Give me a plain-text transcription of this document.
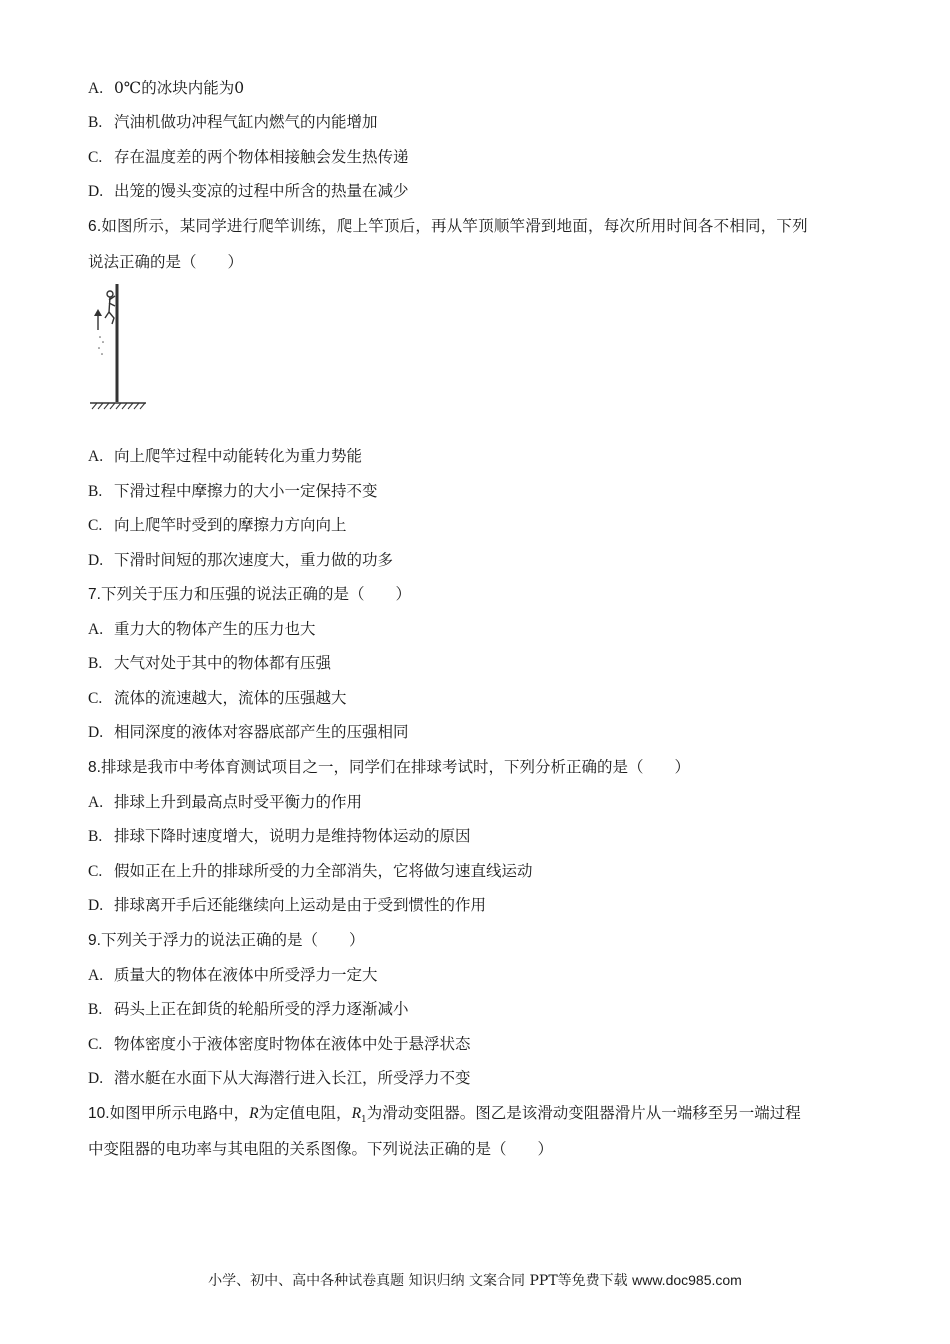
A. 0℃的冰块内能为0
B. 汽油机做功冲程气缸内燃气的内能增加
C. 存在温度差的两个物体相接触会发生热传递
D. 出笼的馒头变凉的过程中所含的热量在减少
6.如图所示，某同学进行爬竿训练，爬上竿顶后，再从竿顶顺竿滑到地面，每次所用时间各不相同，下列
说法正确的是（　　）
A. 向上爬竿过程中动能转化为重力势能
B. 下滑过程中摩擦力的大小一定保持不变
C. 向上爬竿时受到的摩擦力方向向上
D. 下滑时间短的那次速度大，重力做的功多
7.下列关于压力和压强的说法正确的是（　　）
A. 重力大的物体产生的压力也大
B. 大气对处于其中的物体都有压强
C. 流体的流速越大，流体的压强越大
D. 相同深度的液体对容器底部产生的压强相同
8.排球是我市中考体育测试项目之一，同学们在排球考试时，下列分析正确的是（　　）
A. 排球上升到最高点时受平衡力的作用
B. 排球下降时速度增大，说明力是维持物体运动的原因
C. 假如正在上升的排球所受的力全部消失，它将做匀速直线运动
D. 排球离开手后还能继续向上运动是由于受到惯性的作用
9.下列关于浮力的说法正确的是（　　）
A. 质量大的物体在液体中所受浮力一定大
B. 码头上正在卸货的轮船所受的浮力逐渐减小
C. 物体密度小于液体密度时物体在液体中处于悬浮状态
D. 潜水艇在水面下从大海潜行进入长江，所受浮力不变
10.如图甲所示电路中，R为定值电阻，$R_1$为滑动变阻器。图乙是该滑动变阻器滑片从一端移至另一端过程
中变阻器的电功率与其电阻的关系图像。下列说法正确的是（　　）
小学、初中、高中各种试卷真题 知识归纳 文案合同 PPT等免费下载 www.doc985.com
